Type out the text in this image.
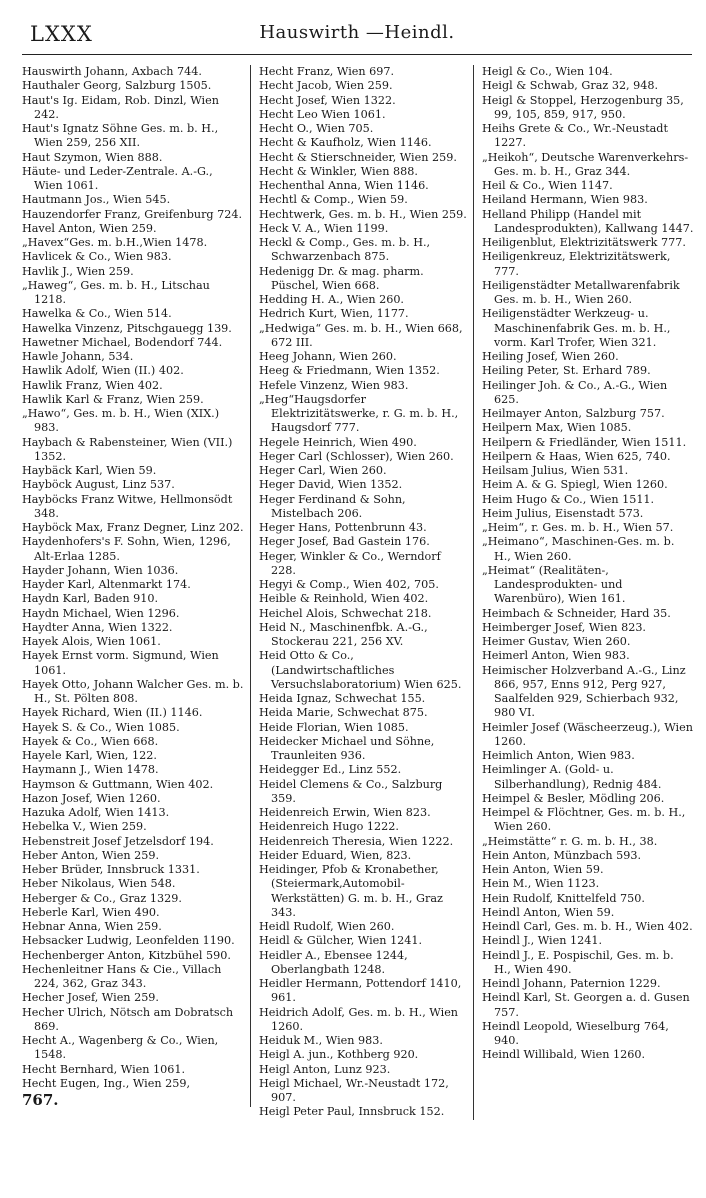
LXXX	Hauswirth —Heindl.

Hauswirth Johann, Axbach 744.

Hauthaler Georg, Salzburg 1505.

Haut's Ig. Eidam, Rob. Dinzl, Wien 242.

Haut's Ignatz Söhne Ges. m. b. H., Wien 259, 256 XII.

Haut Szymon, Wien 888.

Häute- und Leder-Zentrale. A.-G., Wien 1061.

Hautmann Jos., Wien 545.

Hauzendorfer Franz, Greifenburg 724.

Havel Anton, Wien 259.

„Havex“Ges. m. b.H.,Wien 1478.

Havlicek & Co., Wien 983.

Havlik J., Wien 259.

„Haweg“, Ges. m. b. H., Litschau 1218.

Hawelka & Co., Wien 514.

Hawelka Vinzenz, Pitschgauegg 139.

Hawetner Michael, Bodendorf 744.

Hawle Johann, 534.

Hawlik Adolf, Wien (II.) 402.

Hawlik Franz, Wien 402.

Hawlik Karl & Franz, Wien 259.

„Hawo“, Ges. m. b. H., Wien (XIX.) 983.

Haybach & Rabensteiner, Wien (VII.) 1352.

Haybäck Karl, Wien 59.

Hayböck August, Linz 537.

Hayböcks Franz Witwe, Hellmonsödt 348.

Hayböck Max, Franz Degner, Linz 202.

Haydenhofers's F. Sohn, Wien, 1296, Alt-Erlaa 1285.

Hayder Johann, Wien 1036.

Hayder Karl, Altenmarkt 174.

Haydn Karl, Baden 910.

Haydn Michael, Wien 1296.

Haydter Anna, Wien 1322.

Hayek Alois, Wien 1061.

Hayek Ernst vorm. Sigmund, Wien 1061.

Hayek Otto, Johann Walcher Ges. m. b. H., St. Pölten 808.

Hayek Richard, Wien (II.) 1146.

Hayek S. & Co., Wien 1085.

Hayek & Co., Wien 668.

Hayele Karl, Wien, 122.

Haymann J., Wien 1478.

Haymson & Guttmann, Wien 402.

Hazon Josef, Wien 1260.

Hazuka Adolf, Wien 1413.

Hebelka V., Wien 259.

Hebenstreit Josef Jetzelsdorf 194.

Heber Anton, Wien 259.

Heber Brüder, Innsbruck 1331.

Heber Nikolaus, Wien 548.

Heberger & Co., Graz 1329.

Heberle Karl, Wien 490.

Hebnar Anna, Wien 259.

Hebsacker Ludwig, Leonfelden 1190.

Hechenberger Anton, Kitzbühel 590.

Hechenleitner Hans & Cie., Villach 224, 362, Graz 343.

Hecher Josef, Wien 259.

Hecher Ulrich, Nötsch am Dobratsch 869.

Hecht A., Wagenberg & Co., Wien, 1548.

Hecht Bernhard, Wien 1061.

Hecht Eugen, Ing., Wien 259,

767.

Hecht Franz, Wien 697.

Hecht Jacob, Wien 259.

Hecht Josef, Wien 1322.

Hecht Leo Wien 1061.

Hecht O., Wien 705.

Hecht & Kaufholz, Wien 1146.

Hecht & Stierschneider, Wien 259.

Hecht & Winkler, Wien 888.

Hechenthal Anna, Wien 1146.

Hechtl & Comp., Wien 59.

Hechtwerk, Ges. m. b. H., Wien 259.

Heck V. A., Wien 1199.

Heckl & Comp., Ges. m. b. H., Schwarzenbach 875.

Hedenigg Dr. & mag. pharm. Püschel, Wien 668.

Hedding H. A., Wien 260.

Hedrich Kurt, Wien, 1177.

„Hedwiga“ Ges. m. b. H., Wien 668, 672 III.

Heeg Johann, Wien 260.

Heeg & Friedmann, Wien 1352.

Hefele Vinzenz, Wien 983.

„Heg“Haugsdorfer Elektrizitätswerke, r. G. m. b. H., Haugsdorf 777.

Hegele Heinrich, Wien 490.

Heger Carl (Schlosser), Wien 260.

Heger Carl, Wien 260.

Heger David, Wien 1352.

Heger Ferdinand & Sohn, Mistelbach 206.

Heger Hans, Pottenbrunn 43.

Heger Josef, Bad Gastein 176.

Heger, Winkler & Co., Werndorf 228.

Hegyi & Comp., Wien 402, 705.

Heible & Reinhold, Wien 402.

Heichel Alois, Schwechat 218.

Heid N., Maschinenfbk. A.-G., Stockerau 221, 256 XV.

Heid Otto & Co., (Landwirtschaftliches Versuchslaboratorium) Wien 625.

Heida Ignaz, Schwechat 155.

Heida Marie, Schwechat 875.

Heide Florian, Wien 1085.

Heidecker Michael und Söhne, Traunleiten 936.

Heidegger Ed., Linz 552.

Heidel Clemens & Co., Salzburg 359.

Heidenreich Erwin, Wien 823.

Heidenreich Hugo 1222.

Heidenreich Theresia, Wien 1222.

Heider Eduard, Wien, 823.

Heidinger, Pfob & Kronabether, (Steiermark,Automobil-Werkstätten) G. m. b. H., Graz 343.

Heidl Rudolf, Wien 260.

Heidl & Gülcher, Wien 1241.

Heidler A., Ebensee 1244, Oberlangbath 1248.

Heidler Hermann, Pottendorf 1410, 961.

Heidrich Adolf, Ges. m. b. H., Wien 1260.

Heiduk M., Wien 983.

Heigl A. jun., Kothberg 920.

Heigl Anton, Lunz 923.

Heigl Michael, Wr.-Neustadt 172, 907.

Heigl Peter Paul, Innsbruck 152.

Heigl & Co., Wien 104.

Heigl & Schwab, Graz 32, 948.

Heigl & Stoppel, Herzogenburg 35, 99, 105, 859, 917, 950.

Heihs Grete & Co., Wr.-Neustadt 1227.

„Heikoh“, Deutsche Warenverkehrs-Ges. m. b. H., Graz 344.

Heil & Co., Wien 1147.

Heiland Hermann, Wien 983.

Helland Philipp (Handel mit Landesprodukten), Kallwang 1447.

Heiligenblut, Elektrizitätswerk 777.

Heiligenkreuz, Elektrizitätswerk, 777.

Heiligenstädter Metallwarenfabrik Ges. m. b. H., Wien 260.

Heiligenstädter Werkzeug- u. Maschinenfabrik Ges. m. b. H., vorm. Karl Trofer, Wien 321.

Heiling Josef, Wien 260.

Heiling Peter, St. Erhard 789.

Heilinger Joh. & Co., A.-G., Wien 625.

Heilmayer Anton, Salzburg 757.

Heilpern Max, Wien 1085.

Heilpern & Friedländer, Wien 1511.

Heilpern & Haas, Wien 625, 740.

Heilsam Julius, Wien 531.

Heim A. & G. Spiegl, Wien 1260.

Heim Hugo & Co., Wien 1511.

Heim Julius, Eisenstadt 573.

„Heim“, r. Ges. m. b. H., Wien 57.

„Heimano“, Maschinen-Ges. m. b. H., Wien 260.

„Heimat“ (Realitäten-, Landesprodukten- und Warenbüro), Wien 161.

Heimbach & Schneider, Hard 35.

Heimberger Josef, Wien 823.

Heimer Gustav, Wien 260.

Heimerl Anton, Wien 983.

Heimischer Holzverband A.-G., Linz 866, 957, Enns 912, Perg 927, Saalfelden 929, Schierbach 932, 980 VI.

Heimler Josef (Wäscheerzeug.), Wien 1260.

Heimlich Anton, Wien 983.

Heimlinger A. (Gold- u. Silberhandlung), Rednig 484.

Heimpel & Besler, Mödling 206.

Heimpel & Flöchtner, Ges. m. b. H., Wien 260.

„Heimstätte“ r. G. m. b. H., 38.

Hein Anton, Münzbach 593.

Hein Anton, Wien 59.

Hein M., Wien 1123.

Hein Rudolf, Knittelfeld 750.

Heindl Anton, Wien 59.

Heindl Carl, Ges. m. b. H., Wien 402.

Heindl J., Wien 1241.

Heindl J., E. Pospischil, Ges. m. b. H., Wien 490.

Heindl Johann, Paternion 1229.

Heindl Karl, St. Georgen a. d. Gusen 757.

Heindl Leopold, Wieselburg 764, 940.

Heindl Willibald, Wien 1260.
